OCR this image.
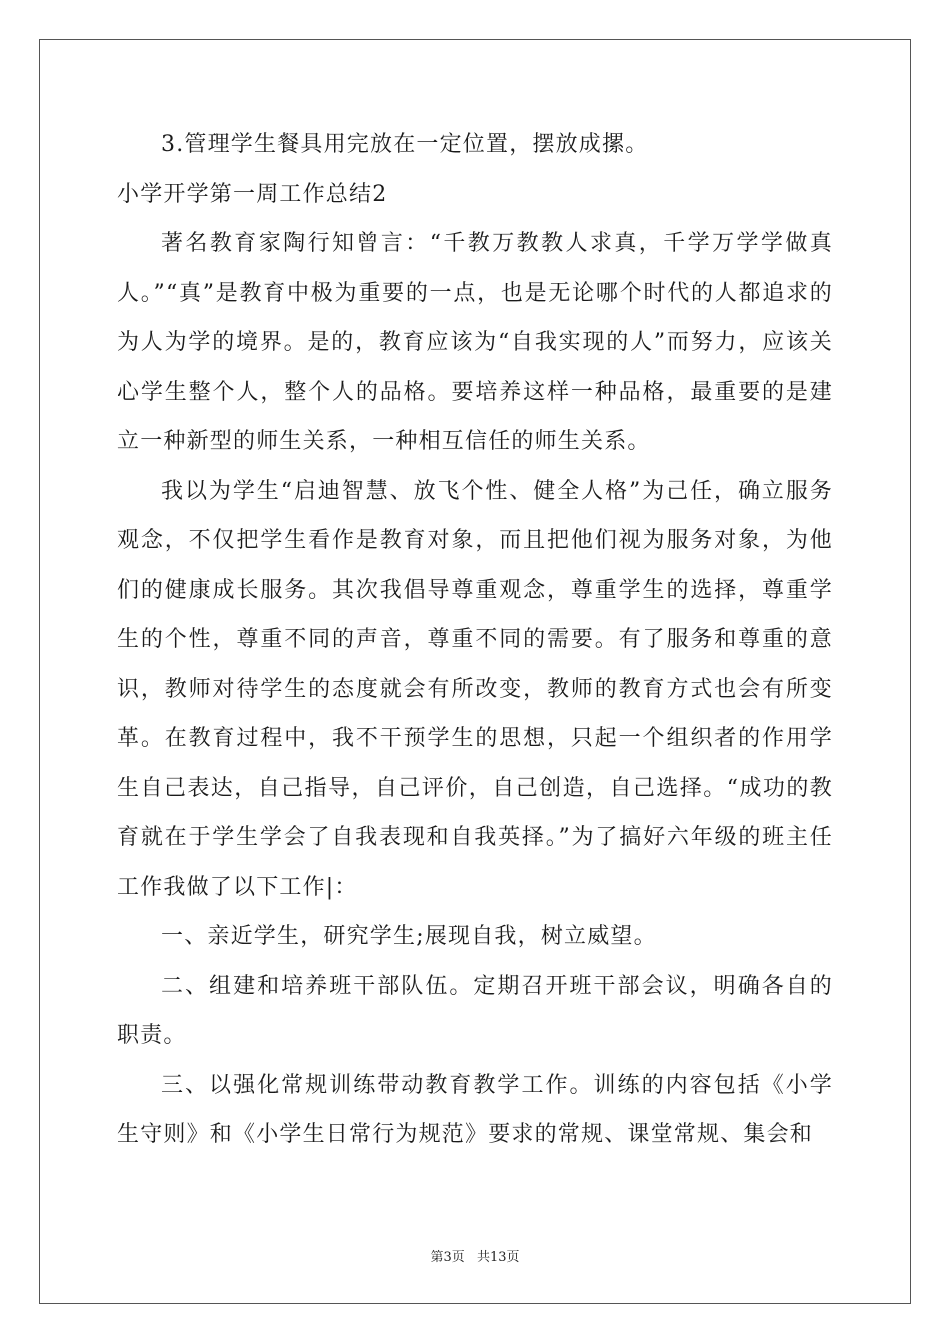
3.管理学生餐具用完放在一定位置，摆放成摞。

小学开学第一周工作总结2

著名教育家陶行知曾言：“千教万教教人求真，千学万学学做真人。”“真”是教育中极为重要的一点，也是无论哪个时代的人都追求的为人为学的境界。是的，教育应该为“自我实现的人”而努力，应该关心学生整个人，整个人的品格。要培养这样一种品格，最重要的是建立一种新型的师生关系，一种相互信任的师生关系。

我以为学生“启迪智慧、放飞个性、健全人格”为己任，确立服务观念，不仅把学生看作是教育对象，而且把他们视为服务对象，为他们的健康成长服务。其次我倡导尊重观念，尊重学生的选择，尊重学生的个性，尊重不同的声音，尊重不同的需要。有了服务和尊重的意识，教师对待学生的态度就会有所改变，教师的教育方式也会有所变革。在教育过程中，我不干预学生的思想，只起一个组织者的作用学生自己表达，自己指导，自己评价，自己创造，自己选择。“成功的教育就在于学生学会了自我表现和自我英择。”为了搞好六年级的班主任工作我做了以下工作|：

一、亲近学生，研究学生;展现自我，树立威望。

二、组建和培养班干部队伍。定期召开班干部会议，明确各自的职责。

三、以强化常规训练带动教育教学工作。训练的内容包括《小学生守则》和《小学生日常行为规范》要求的常规、课堂常规、集会和

第3页 共13页
